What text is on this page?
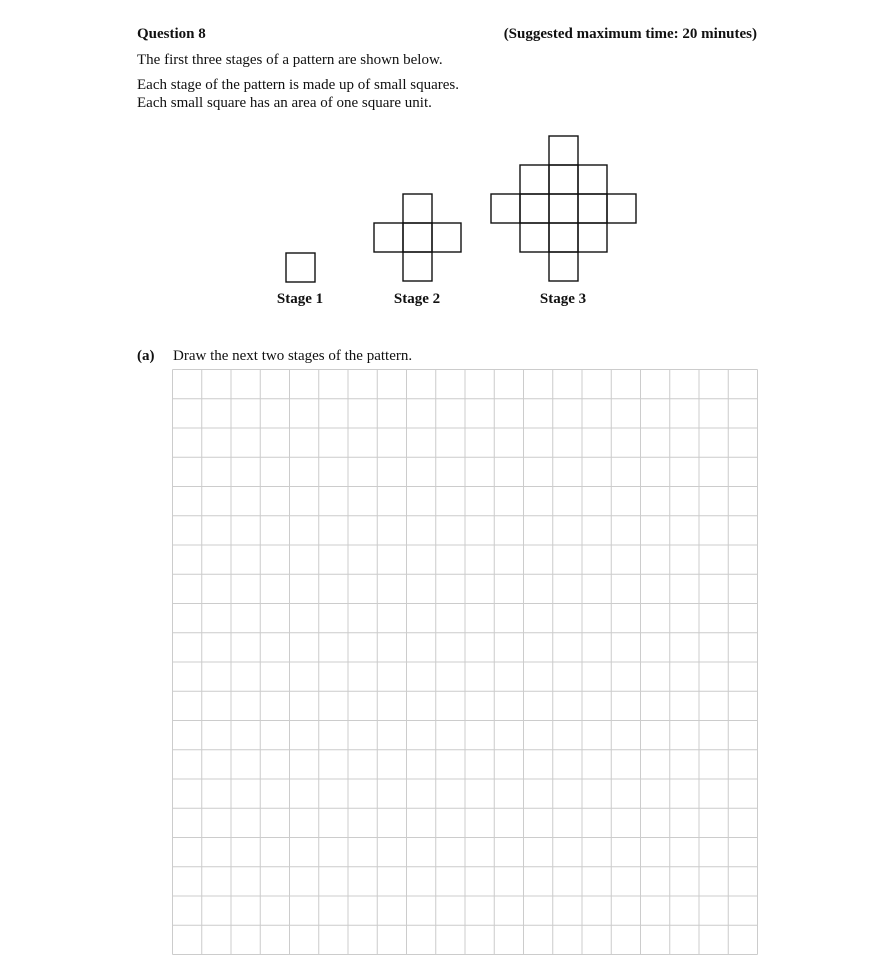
Question 8	(Suggested maximum time: 20 minutes)
The first three stages of a pattern are shown below.
Each stage of the pattern is made up of small squares.
Each small square has an area of one square unit.
Stage 1	Stage 2	Stage 3
(a) Draw the next two stages of the pattern.
